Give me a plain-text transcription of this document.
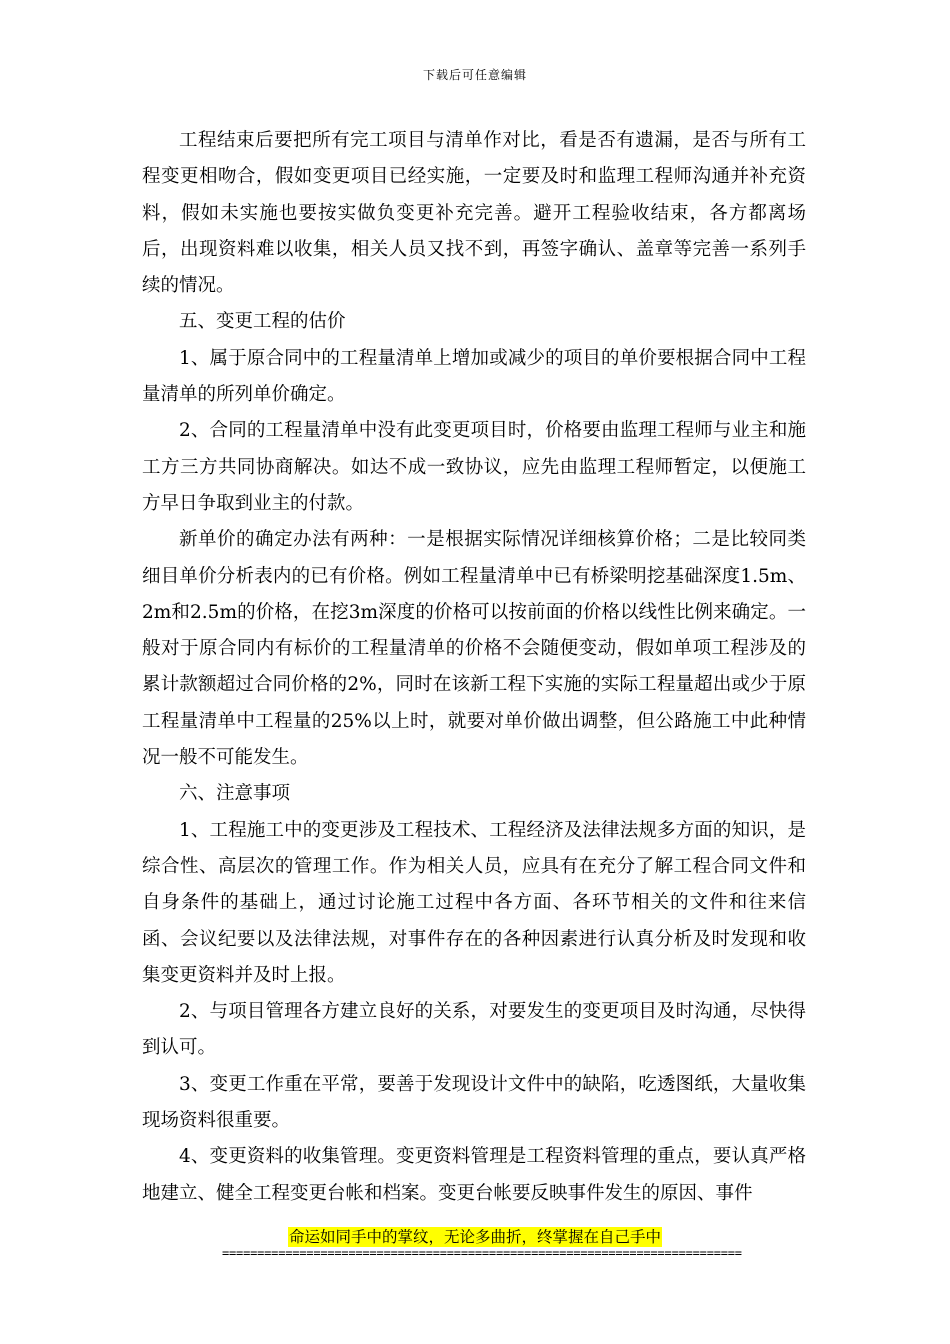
下载后可任意编辑

工程结束后要把所有完工项目与清单作对比，看是否有遗漏，是否与所有工程变更相吻合，假如变更项目已经实施，一定要及时和监理工程师沟通并补充资料，假如未实施也要按实做负变更补充完善。避开工程验收结束，各方都离场后，出现资料难以收集，相关人员又找不到，再签字确认、盖章等完善一系列手续的情况。

五、变更工程的估价

1、属于原合同中的工程量清单上增加或减少的项目的单价要根据合同中工程量清单的所列单价确定。

2、合同的工程量清单中没有此变更项目时，价格要由监理工程师与业主和施工方三方共同协商解决。如达不成一致协议，应先由监理工程师暂定，以便施工方早日争取到业主的付款。

新单价的确定办法有两种：一是根据实际情况详细核算价格；二是比较同类细目单价分析表内的已有价格。例如工程量清单中已有桥梁明挖基础深度1.5m、2m和2.5m的价格，在挖3m深度的价格可以按前面的价格以线性比例来确定。一般对于原合同内有标价的工程量清单的价格不会随便变动，假如单项工程涉及的累计款额超过合同价格的2%，同时在该新工程下实施的实际工程量超出或少于原工程量清单中工程量的25%以上时，就要对单价做出调整，但公路施工中此种情况一般不可能发生。

六、注意事项

1、工程施工中的变更涉及工程技术、工程经济及法律法规多方面的知识，是综合性、高层次的管理工作。作为相关人员，应具有在充分了解工程合同文件和自身条件的基础上，通过讨论施工过程中各方面、各环节相关的文件和往来信函、会议纪要以及法律法规，对事件存在的各种因素进行认真分析及时发现和收集变更资料并及时上报。

2、与项目管理各方建立良好的关系，对要发生的变更项目及时沟通，尽快得到认可。

3、变更工作重在平常，要善于发现设计文件中的缺陷，吃透图纸，大量收集现场资料很重要。

4、变更资料的收集管理。变更资料管理是工程资料管理的重点，要认真严格地建立、健全工程变更台帐和档案。变更台帐要反映事件发生的原因、事件

命运如同手中的掌纹，无论多曲折，终掌握在自己手中
==========================================================================
